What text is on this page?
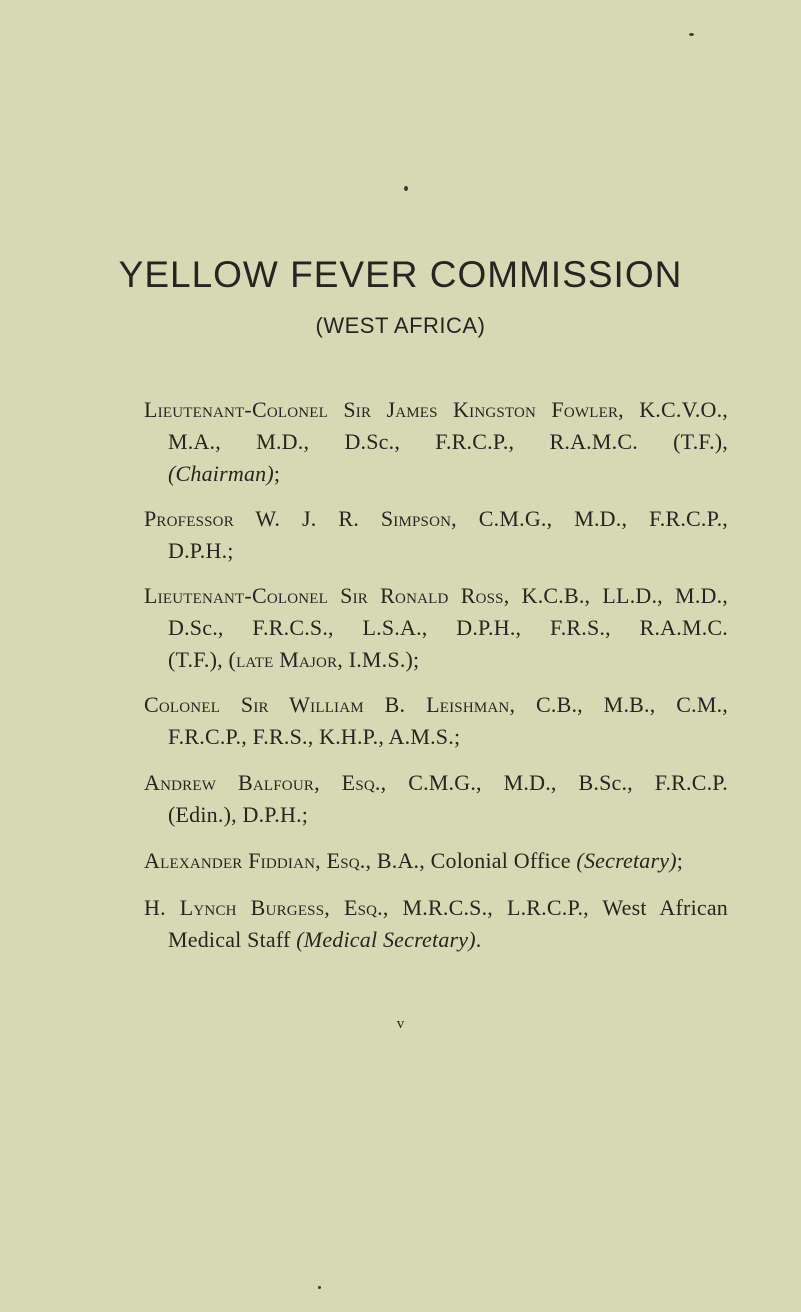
YELLOW FEVER COMMISSION
(WEST AFRICA)
Lieutenant-Colonel Sir James Kingston Fowler, K.C.V.O.,
M.A., M.D., D.Sc., F.R.C.P., R.A.M.C. (T.F.),
(Chairman);
Professor W. J. R. Simpson, C.M.G., M.D., F.R.C.P.,
D.P.H.;
Lieutenant-Colonel Sir Ronald Ross, K.C.B., LL.D., M.D.,
D.Sc., F.R.C.S., L.S.A., D.P.H., F.R.S., R.A.M.C.
(T.F.), (late Major, I.M.S.);
Colonel Sir William B. Leishman, C.B., M.B., C.M.,
F.R.C.P., F.R.S., K.H.P., A.M.S.;
Andrew Balfour, Esq., C.M.G., M.D., B.Sc., F.R.C.P.
(Edin.), D.P.H.;
Alexander Fiddian, Esq., B.A., Colonial Office (Secretary);
H. Lynch Burgess, Esq., M.R.C.S., L.R.C.P., West African
Medical Staff (Medical Secretary).
v
